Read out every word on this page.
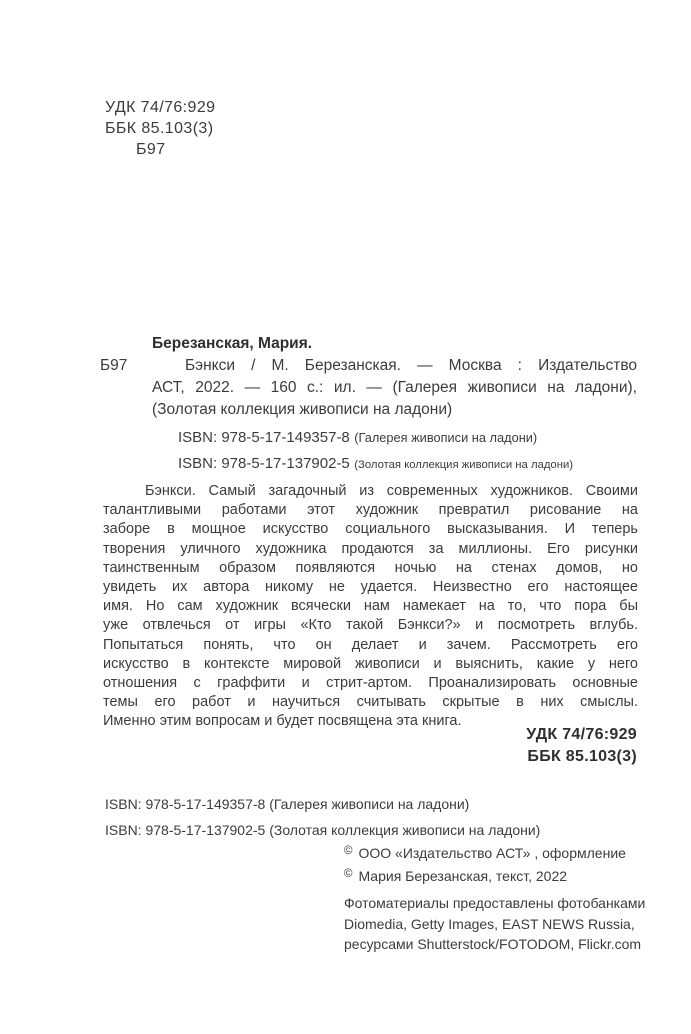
УДК 74/76:929
ББК 85.103(3)
Б97
Б97
Березанская, Мария.
Бэнкси / М. Березанская. — Москва : Издательство
АСТ, 2022. — 160 с.: ил. — (Галерея живописи на ладони),
(Золотая коллекция живописи на ладони)
ISBN: 978-5-17-149357-8 (Галерея живописи на ладони)
ISBN: 978-5-17-137902-5 (Золотая коллекция живописи на ладони)
Бэнкси. Самый загадочный из современных художников. Своими
талантливыми работами этот художник превратил рисование на
заборе в мощное искусство социального высказывания. И теперь
творения уличного художника продаются за миллионы. Его рисунки
таинственным образом появляются ночью на стенах домов, но
увидеть их автора никому не удается. Неизвестно его настоящее
имя. Но сам художник всячески нам намекает на то, что пора бы
уже отвлечься от игры «Кто такой Бэнкси?» и посмотреть вглубь.
Попытаться понять, что он делает и зачем. Рассмотреть его
искусство в контексте мировой живописи и выяснить, какие у него
отношения с граффити и стрит-артом. Проанализировать основные
темы его работ и научиться считывать скрытые в них смыслы.
Именно этим вопросам и будет посвящена эта книга.
УДК 74/76:929
ББК 85.103(3)
ISBN: 978-5-17-149357-8 (Галерея живописи на ладони)
ISBN: 978-5-17-137902-5 (Золотая коллекция живописи на ладони)
© ООО «Издательство АСТ» , оформление
© Мария Березанская, текст, 2022
Фотоматериалы предоставлены фотобанками
Diomedia, Getty Images, EAST NEWS Russia,
ресурсами Shutterstock/FOTODOM, Flickr.com
